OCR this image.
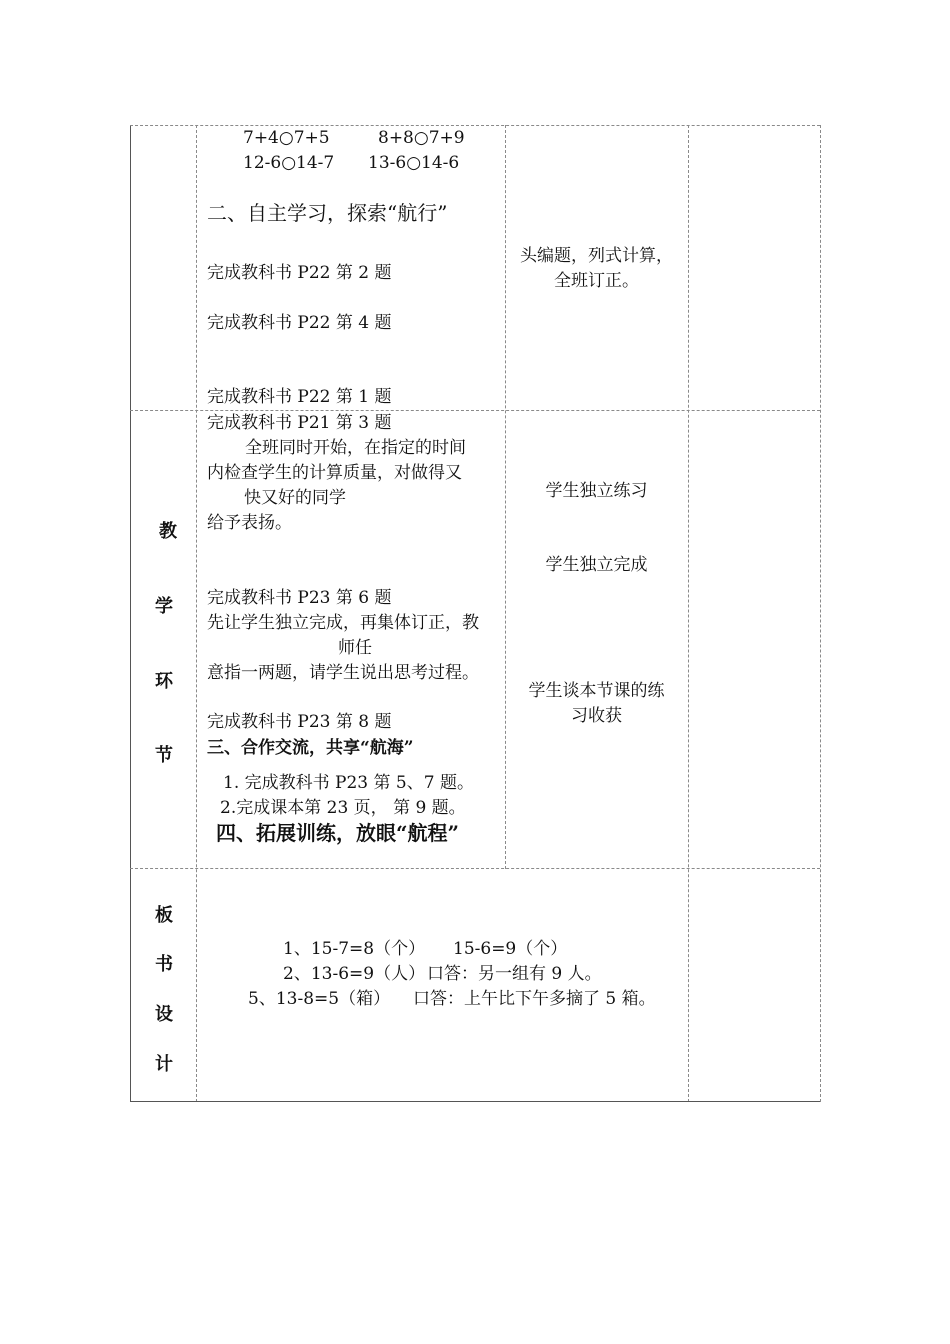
7+4○7+5	8+8○7+9
12-6○14-7 13-6○14-6
二、自主学习，探索“航行”
完成教科书 P22 第 2 题
完成教科书 P22 第 4 题
完成教科书 P22 第 1 题
头编题，列式计算，
全班订正。
教
学
环
节
完成教科书 P21 第 3 题
全班同时开始，在指定的时间
内检查学生的计算质量，对做得又
快又好的同学
给予表扬。
完成教科书 P23 第 6 题
先让学生独立完成，再集体订正，教
师任
意指一两题，请学生说出思考过程。
完成教科书 P23 第 8 题
三、合作交流，共享“航海”
1. 完成教科书 P23 第 5、7 题。
2.完成课本第 23 页， 第 9 题。
四、拓展训练，放眼“航程”
学生独立练习
学生独立完成
学生谈本节课的练
习收获
板
书
设
计
1、15-7=8（个） 15-6=9（个）
2、13-6=9（人） 口答：另一组有 9 人。
5、13-8=5（箱） 口答：上午比下午多摘了 5 箱。
